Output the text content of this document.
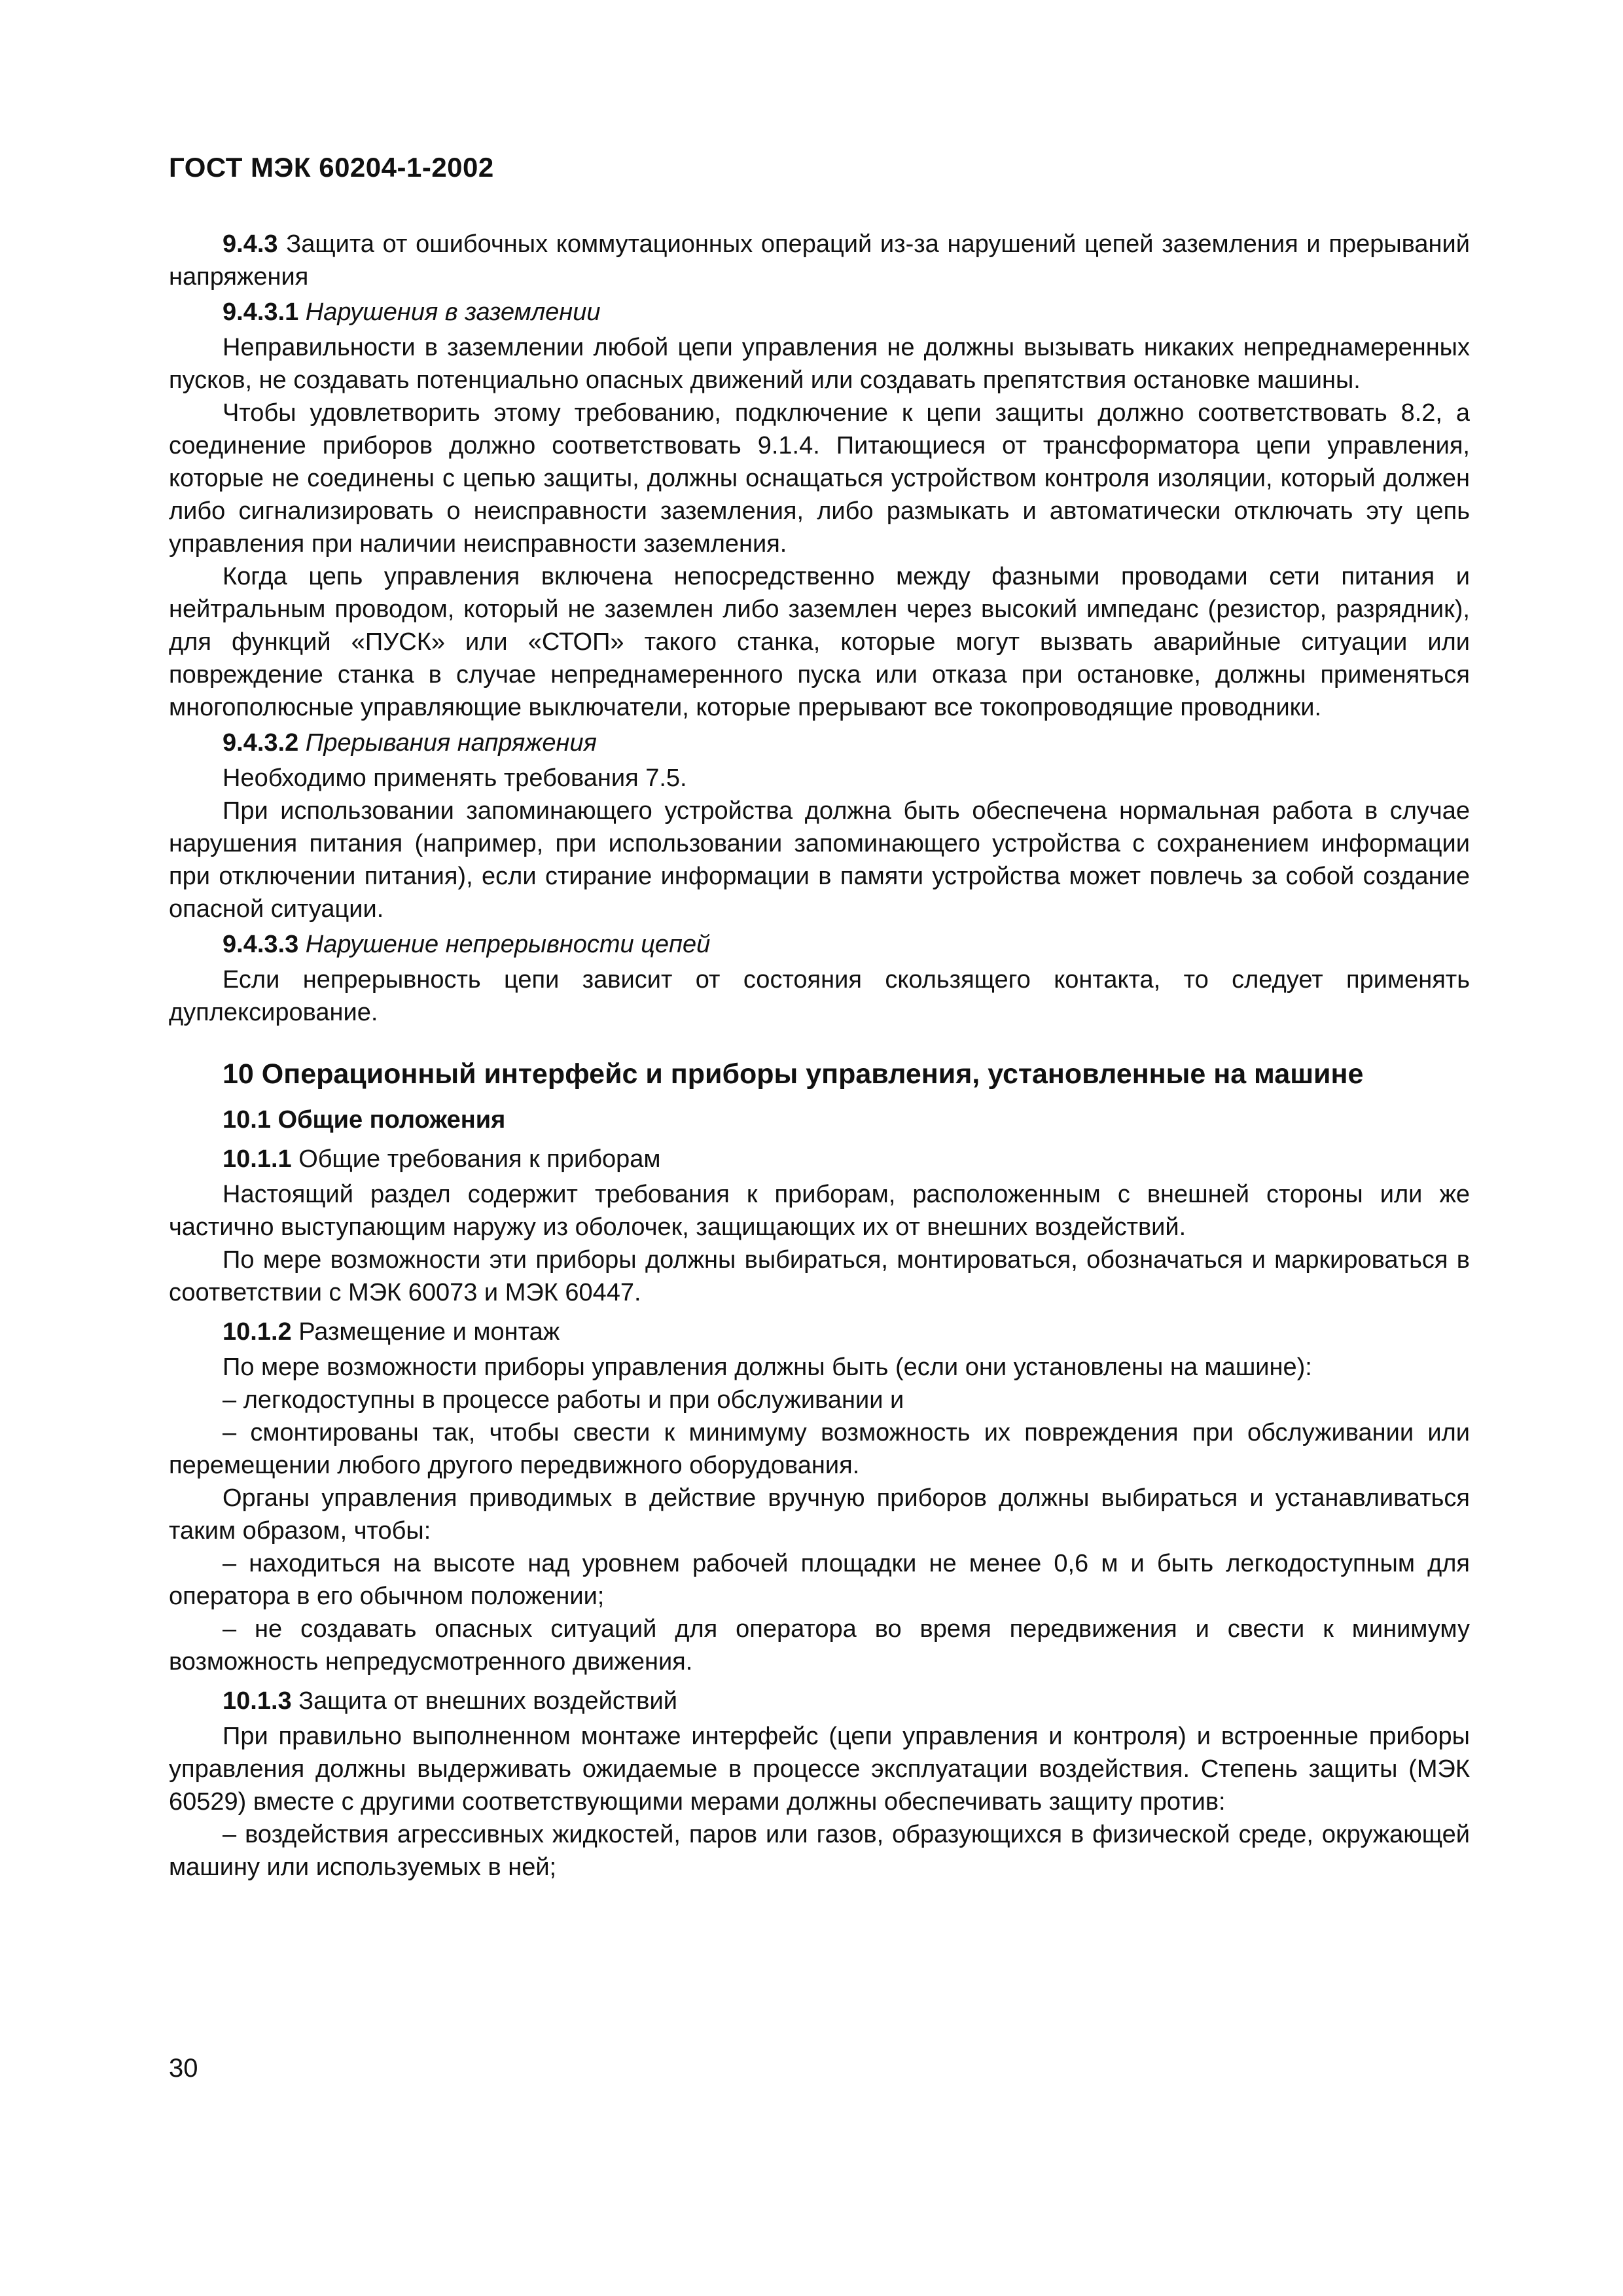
ГОСТ МЭК 60204-1-2002

9.4.3 Защита от ошибочных коммутационных операций из-за нарушений цепей заземления и прерываний напряжения

9.4.3.1 Нарушения в заземлении

Неправильности в заземлении любой цепи управления не должны вызывать никаких непреднамеренных пусков, не создавать потенциально опасных движений или создавать препятствия остановке машины.

Чтобы удовлетворить этому требованию, подключение к цепи защиты должно соответствовать 8.2, а соединение приборов должно соответствовать 9.1.4. Питающиеся от трансформатора цепи управления, которые не соединены с цепью защиты, должны оснащаться устройством контроля изоляции, который должен либо сигнализировать о неисправности заземления, либо размыкать и автоматически отключать эту цепь управления при наличии неисправности заземления.

Когда цепь управления включена непосредственно между фазными проводами сети питания и нейтральным проводом, который не заземлен либо заземлен через высокий импеданс (резистор, разрядник), для функций «ПУСК» или «СТОП» такого станка, которые могут вызвать аварийные ситуации или повреждение станка в случае непреднамеренного пуска или отказа при остановке, должны применяться многополюсные управляющие выключатели, которые прерывают все токопроводящие проводники.

9.4.3.2 Прерывания напряжения

Необходимо применять требования 7.5.

При использовании запоминающего устройства должна быть обеспечена нормальная работа в случае нарушения питания (например, при использовании запоминающего устройства с сохранением информации при отключении питания), если стирание информации в памяти устройства может повлечь за собой создание опасной ситуации.

9.4.3.3 Нарушение непрерывности цепей

Если непрерывность цепи зависит от состояния скользящего контакта, то следует применять дуплексирование.

10 Операционный интерфейс и приборы управления, установленные на машине

10.1 Общие положения

10.1.1 Общие требования к приборам

Настоящий раздел содержит требования к приборам, расположенным с внешней стороны или же частично выступающим наружу из оболочек, защищающих их от внешних воздействий.

По мере возможности эти приборы должны выбираться, монтироваться, обозначаться и маркироваться в соответствии с МЭК 60073 и МЭК 60447.

10.1.2 Размещение и монтаж

По мере возможности приборы управления должны быть (если они установлены на машине):

– легкодоступны в процессе работы и при обслуживании и

– смонтированы так, чтобы свести к минимуму возможность их повреждения при обслуживании или перемещении любого другого передвижного оборудования.

Органы управления приводимых в действие вручную приборов должны выбираться и устанавливаться таким образом, чтобы:

– находиться на высоте над уровнем рабочей площадки не менее 0,6 м и быть легкодоступным для оператора в его обычном положении;

– не создавать опасных ситуаций для оператора во время передвижения и свести к минимуму возможность непредусмотренного движения.

10.1.3 Защита от внешних воздействий

При правильно выполненном монтаже интерфейс (цепи управления и контроля) и встроенные приборы управления должны выдерживать ожидаемые в процессе эксплуатации воздействия. Степень защиты (МЭК 60529) вместе с другими соответствующими мерами должны обеспечивать защиту против:

– воздействия агрессивных жидкостей, паров или газов, образующихся в физической среде, окружающей машину или используемых в ней;

30
